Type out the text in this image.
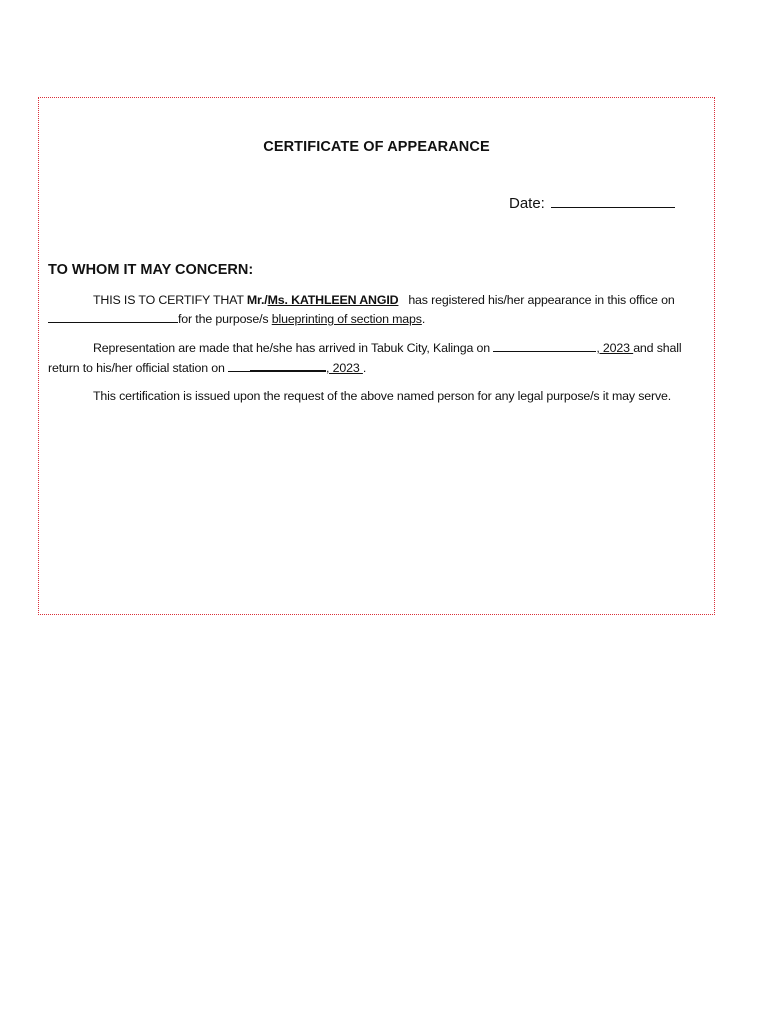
CERTIFICATE OF APPEARANCE
Date:
TO WHOM IT MAY CONCERN:
THIS IS TO CERTIFY THAT Mr./Ms. KATHLEEN ANGID   has registered his/her appearance in this office on
for the purpose/s blueprinting of section maps.
Representation are made that he/she has arrived in Tabuk City, Kalinga on	, 2023 and shall
return to his/her official station on	, 2023 .
This certification is issued upon the request of the above named person for any legal purpose/s it may serve.
